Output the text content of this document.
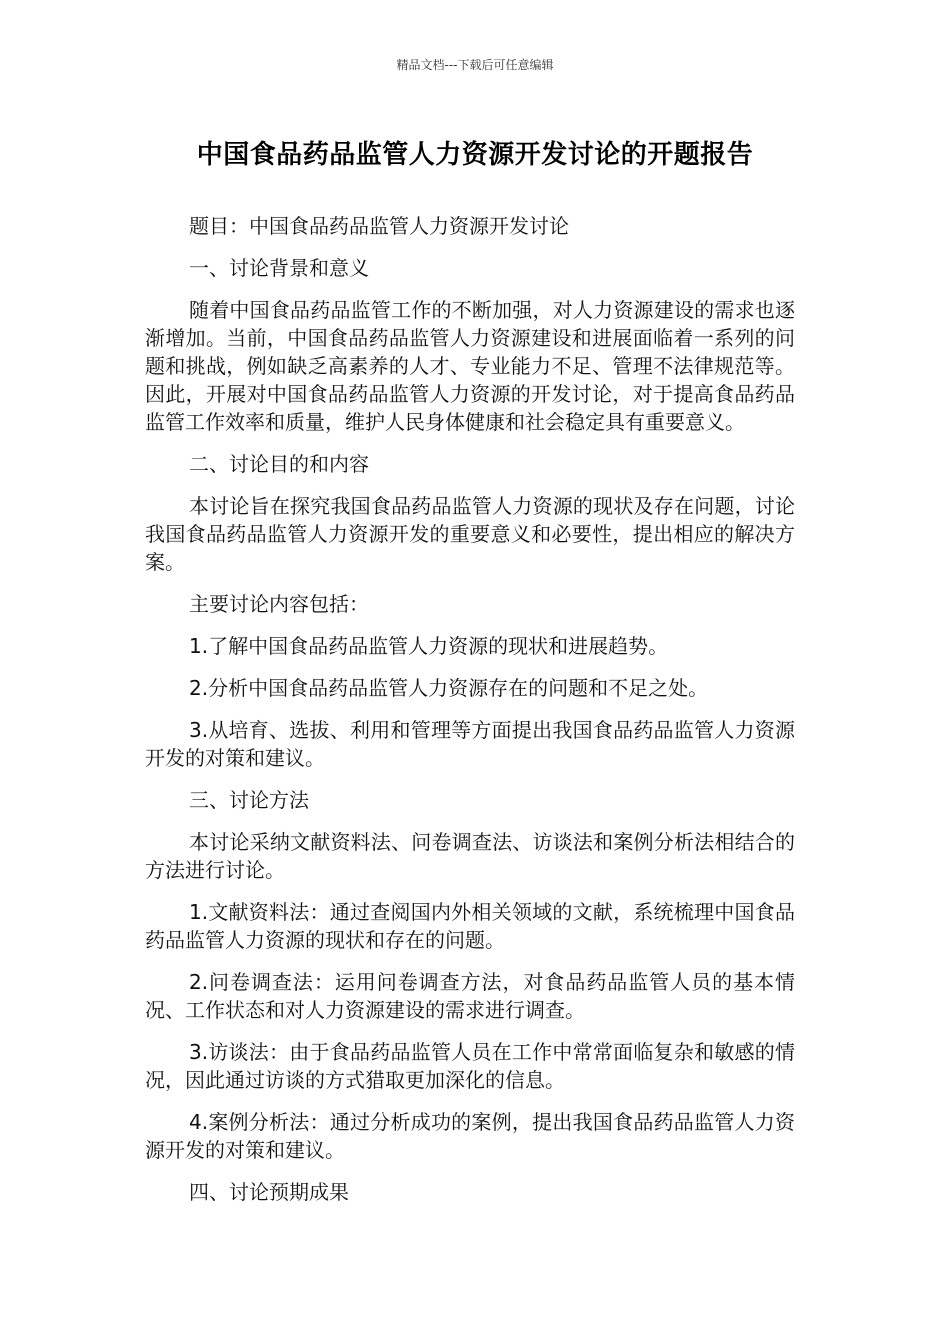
精品文档---下载后可任意编辑
中国食品药品监管人力资源开发讨论的开题报告

题目：中国食品药品监管人力资源开发讨论

一、讨论背景和意义

随着中国食品药品监管工作的不断加强，对人力资源建设的需求也逐渐增加。当前，中国食品药品监管人力资源建设和进展面临着一系列的问题和挑战，例如缺乏高素养的人才、专业能力不足、管理不法律规范等。因此，开展对中国食品药品监管人力资源的开发讨论，对于提高食品药品监管工作效率和质量，维护人民身体健康和社会稳定具有重要意义。

二、讨论目的和内容

本讨论旨在探究我国食品药品监管人力资源的现状及存在问题，讨论我国食品药品监管人力资源开发的重要意义和必要性，提出相应的解决方案。

主要讨论内容包括：

1.了解中国食品药品监管人力资源的现状和进展趋势。

2.分析中国食品药品监管人力资源存在的问题和不足之处。

3.从培育、选拔、利用和管理等方面提出我国食品药品监管人力资源开发的对策和建议。

三、讨论方法

本讨论采纳文献资料法、问卷调查法、访谈法和案例分析法相结合的方法进行讨论。

1.文献资料法：通过查阅国内外相关领域的文献，系统梳理中国食品药品监管人力资源的现状和存在的问题。

2.问卷调查法：运用问卷调查方法，对食品药品监管人员的基本情况、工作状态和对人力资源建设的需求进行调查。

3.访谈法：由于食品药品监管人员在工作中常常面临复杂和敏感的情况，因此通过访谈的方式猎取更加深化的信息。

4.案例分析法：通过分析成功的案例，提出我国食品药品监管人力资源开发的对策和建议。

四、讨论预期成果
